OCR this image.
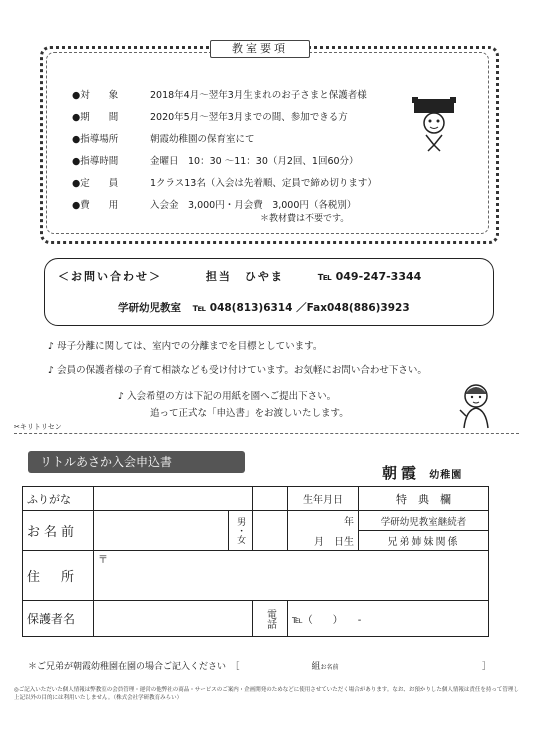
教室要項
●対　　象	2018年4月～翌年3月生まれのお子さまと保護者様
●期　　間	2020年5月～翌年3月までの間、参加できる方
●指導場所	朝霞幼稚園の保育室にて
●指導時間	金曜日　10：30 ～11：30（月2回、1回60分）
●定　　員	1クラス13名（入会は先着順、定員で締め切ります）
●費　　用	入会金　3,000円・月会費　3,000円（各税別）
＊教材費は不要です。
＜お問い合わせ＞	担当　ひやま	℡ 049-247-3344
学研幼児教室 ℡ 048(813)6314 ／Fax048(886)3923
♪ 母子分離に関しては、室内での分離までを目標としています。
♪ 会員の保護者様の子育て相談なども受け付けています。お気軽にお問い合わせ下さい。
♪ 入会希望の方は下記の用紙を園へご提出下さい。
追って正式な「申込書」をお渡しいたします。
✂キリトリセン
リトルあさか入会申込書
朝霞 幼稚園
ふりがな				生年月日	特　典　欄
お名前		男・女		年	学研幼児教室継続者
				月　日生	兄弟姉妹関係
住　所	〒				
保護者名			電話	℡（　　）　　-	
＊ご兄弟が朝霞幼稚園在園の場合ご記入ください　［　　　　　　　　組お名前	］
◎ご記入いただいた個人情報は弊教室の会員管理・運営の他弊社の商品・サービスのご案内・企画開発のためなどに使用させていただく場合があります。なお、お預かりした個人情報は責任を持って管理し上記以外の目的には利用いたしません。（株式会社学研教育みらい）
